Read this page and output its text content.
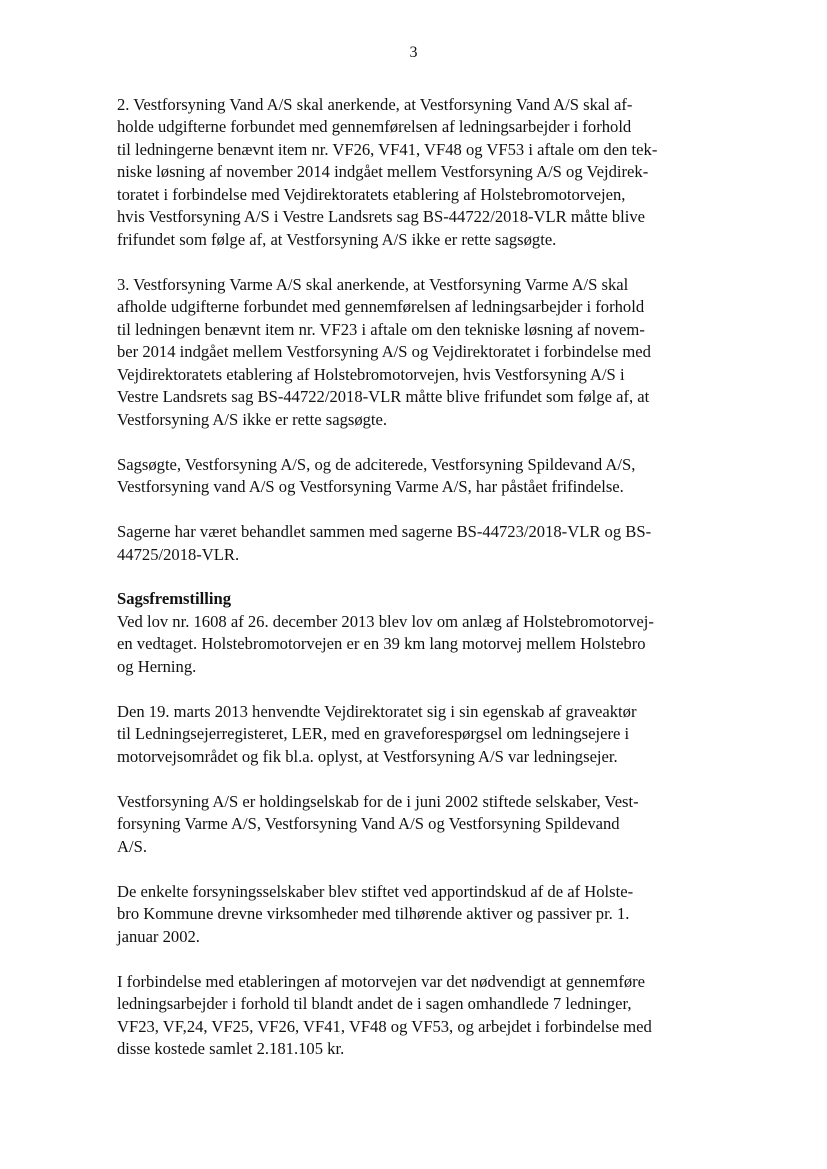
3
2. Vestforsyning Vand A/S skal anerkende, at Vestforsyning Vand A/S skal af-
holde udgifterne forbundet med gennemførelsen af ledningsarbejder i forhold
til ledningerne benævnt item nr. VF26, VF41, VF48 og VF53 i aftale om den tek-
niske løsning af november 2014 indgået mellem Vestforsyning A/S og Vejdirek-
toratet i forbindelse med Vejdirektoratets etablering af Holstebromotorvejen,
hvis Vestforsyning A/S i Vestre Landsrets sag BS-44722/2018-VLR måtte blive
frifundet som følge af, at Vestforsyning A/S ikke er rette sagsøgte.
3. Vestforsyning Varme A/S skal anerkende, at Vestforsyning Varme A/S skal
afholde udgifterne forbundet med gennemførelsen af ledningsarbejder i forhold
til ledningen benævnt item nr. VF23 i aftale om den tekniske løsning af novem-
ber 2014 indgået mellem Vestforsyning A/S og Vejdirektoratet i forbindelse med
Vejdirektoratets etablering af Holstebromotorvejen, hvis Vestforsyning A/S i
Vestre Landsrets sag BS-44722/2018-VLR måtte blive frifundet som følge af, at
Vestforsyning A/S ikke er rette sagsøgte.
Sagsøgte, Vestforsyning A/S, og de adciterede, Vestforsyning Spildevand A/S,
Vestforsyning vand A/S og Vestforsyning Varme A/S, har påstået frifindelse.
Sagerne har været behandlet sammen med sagerne BS-44723/2018-VLR og BS-
44725/2018-VLR.
Sagsfremstilling
Ved lov nr. 1608 af 26. december 2013 blev lov om anlæg af Holstebromotorvej-
en vedtaget. Holstebromotorvejen er en 39 km lang motorvej mellem Holstebro
og Herning.
Den 19. marts 2013 henvendte Vejdirektoratet sig i sin egenskab af graveaktør
til Ledningsejerregisteret, LER, med en graveforespørgsel om ledningsejere i
motorvejsområdet og fik bl.a. oplyst, at Vestforsyning A/S var ledningsejer.
Vestforsyning A/S er holdingselskab for de i juni 2002 stiftede selskaber, Vest-
forsyning Varme A/S, Vestforsyning Vand A/S og Vestforsyning Spildevand
A/S.
De enkelte forsyningsselskaber blev stiftet ved apportindskud af de af Holste-
bro Kommune drevne virksomheder med tilhørende aktiver og passiver pr. 1.
januar 2002.
I forbindelse med etableringen af motorvejen var det nødvendigt at gennemføre
ledningsarbejder i forhold til blandt andet de i sagen omhandlede 7 ledninger,
VF23, VF,24, VF25, VF26, VF41, VF48 og VF53, og arbejdet i forbindelse med
disse kostede samlet 2.181.105 kr.
